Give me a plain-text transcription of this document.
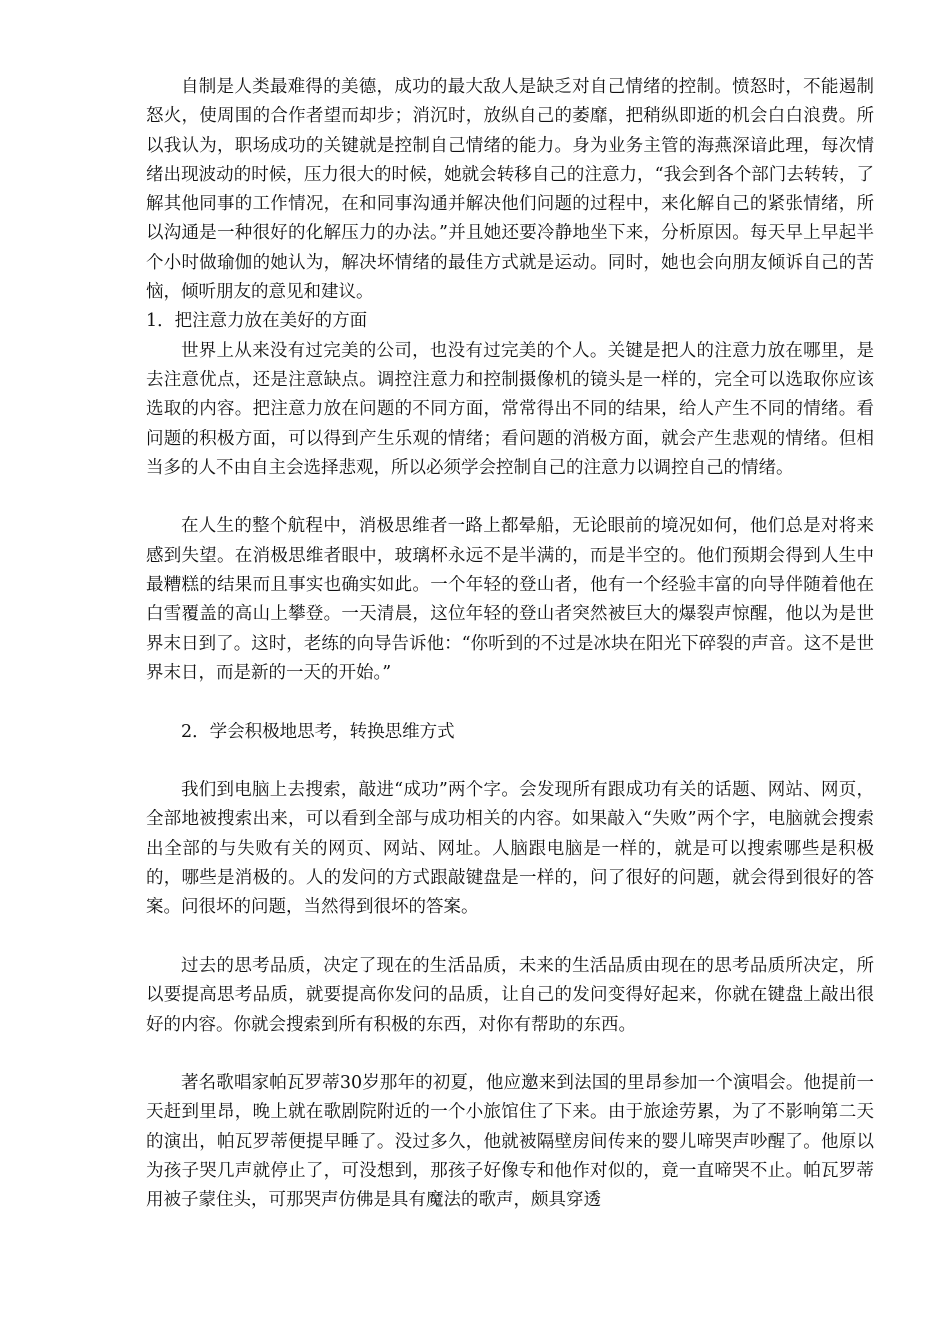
自制是人类最难得的美德，成功的最大敌人是缺乏对自己情绪的控制。愤怒时，不能遏制怒火，使周围的合作者望而却步；消沉时，放纵自己的萎靡，把稍纵即逝的机会白白浪费。所以我认为，职场成功的关键就是控制自己情绪的能力。身为业务主管的海燕深谙此理，每次情绪出现波动的时候，压力很大的时候，她就会转移自己的注意力，“我会到各个部门去转转，了解其他同事的工作情况，在和同事沟通并解决他们问题的过程中，来化解自己的紧张情绪，所以沟通是一种很好的化解压力的办法。”并且她还要冷静地坐下来，分析原因。每天早上早起半个小时做瑜伽的她认为，解决坏情绪的最佳方式就是运动。同时，她也会向朋友倾诉自己的苦恼，倾听朋友的意见和建议。

1．把注意力放在美好的方面

世界上从来没有过完美的公司，也没有过完美的个人。关键是把人的注意力放在哪里，是去注意优点，还是注意缺点。调控注意力和控制摄像机的镜头是一样的，完全可以选取你应该选取的内容。把注意力放在问题的不同方面，常常得出不同的结果，给人产生不同的情绪。看问题的积极方面，可以得到产生乐观的情绪；看问题的消极方面，就会产生悲观的情绪。但相当多的人不由自主会选择悲观，所以必须学会控制自己的注意力以调控自己的情绪。

在人生的整个航程中，消极思维者一路上都晕船，无论眼前的境况如何，他们总是对将来感到失望。在消极思维者眼中，玻璃杯永远不是半满的，而是半空的。他们预期会得到人生中最糟糕的结果而且事实也确实如此。一个年轻的登山者，他有一个经验丰富的向导伴随着他在白雪覆盖的高山上攀登。一天清晨，这位年轻的登山者突然被巨大的爆裂声惊醒，他以为是世界末日到了。这时，老练的向导告诉他：“你听到的不过是冰块在阳光下碎裂的声音。这不是世界末日，而是新的一天的开始。”

2．学会积极地思考，转换思维方式

我们到电脑上去搜索，敲进“成功”两个字。会发现所有跟成功有关的话题、网站、网页，全部地被搜索出来，可以看到全部与成功相关的内容。如果敲入“失败”两个字，电脑就会搜索出全部的与失败有关的网页、网站、网址。人脑跟电脑是一样的，就是可以搜索哪些是积极的，哪些是消极的。人的发问的方式跟敲键盘是一样的，问了很好的问题，就会得到很好的答案。问很坏的问题，当然得到很坏的答案。

过去的思考品质，决定了现在的生活品质，未来的生活品质由现在的思考品质所决定，所以要提高思考品质，就要提高你发问的品质，让自己的发问变得好起来，你就在键盘上敲出很好的内容。你就会搜索到所有积极的东西，对你有帮助的东西。

著名歌唱家帕瓦罗蒂30岁那年的初夏，他应邀来到法国的里昂参加一个演唱会。他提前一天赶到里昂，晚上就在歌剧院附近的一个小旅馆住了下来。由于旅途劳累，为了不影响第二天的演出，帕瓦罗蒂便提早睡了。没过多久，他就被隔壁房间传来的婴儿啼哭声吵醒了。他原以为孩子哭几声就停止了，可没想到，那孩子好像专和他作对似的，竟一直啼哭不止。帕瓦罗蒂用被子蒙住头，可那哭声仿佛是具有魔法的歌声，颇具穿透
